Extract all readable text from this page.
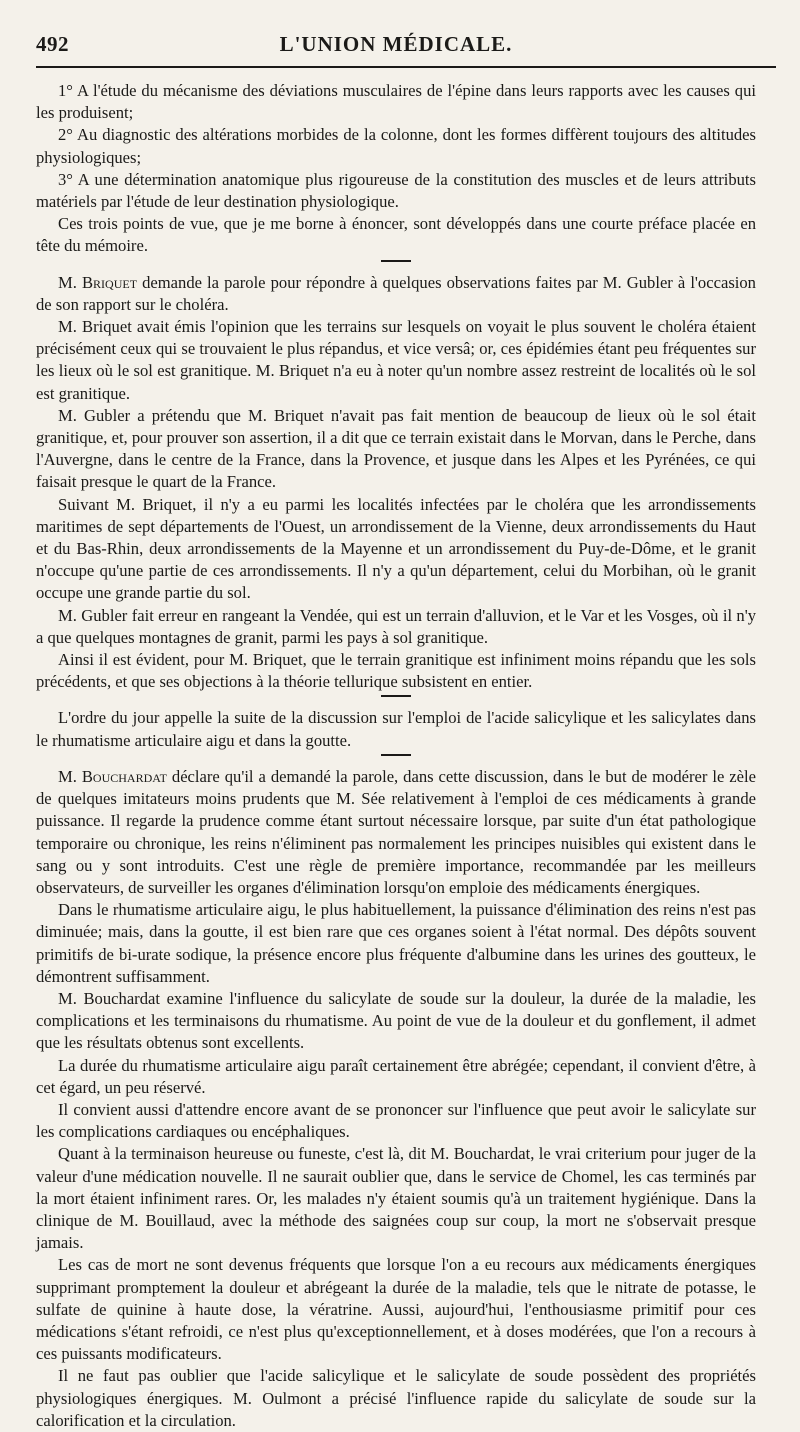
492	L'UNION MÉDICALE.

1° A l'étude du mécanisme des déviations musculaires de l'épine dans leurs rapports avec les causes qui les produisent;

2° Au diagnostic des altérations morbides de la colonne, dont les formes diffèrent toujours des altitudes physiologiques;

3° A une détermination anatomique plus rigoureuse de la constitution des muscles et de leurs attributs matériels par l'étude de leur destination physiologique.

Ces trois points de vue, que je me borne à énoncer, sont développés dans une courte préface placée en tête du mémoire.

M. Briquet demande la parole pour répondre à quelques observations faites par M. Gubler à l'occasion de son rapport sur le choléra.

M. Briquet avait émis l'opinion que les terrains sur lesquels on voyait le plus souvent le choléra étaient précisément ceux qui se trouvaient le plus répandus, et vice versâ; or, ces épidémies étant peu fréquentes sur les lieux où le sol est granitique. M. Briquet n'a eu à noter qu'un nombre assez restreint de localités où le sol est granitique.

M. Gubler a prétendu que M. Briquet n'avait pas fait mention de beaucoup de lieux où le sol était granitique, et, pour prouver son assertion, il a dit que ce terrain existait dans le Morvan, dans le Perche, dans l'Auvergne, dans le centre de la France, dans la Provence, et jusque dans les Alpes et les Pyrénées, ce qui faisait presque le quart de la France.

Suivant M. Briquet, il n'y a eu parmi les localités infectées par le choléra que les arrondissements maritimes de sept départements de l'Ouest, un arrondissement de la Vienne, deux arrondissements du Haut et du Bas-Rhin, deux arrondissements de la Mayenne et un arrondissement du Puy-de-Dôme, et le granit n'occupe qu'une partie de ces arrondissements. Il n'y a qu'un département, celui du Morbihan, où le granit occupe une grande partie du sol.

M. Gubler fait erreur en rangeant la Vendée, qui est un terrain d'alluvion, et le Var et les Vosges, où il n'y a que quelques montagnes de granit, parmi les pays à sol granitique.

Ainsi il est évident, pour M. Briquet, que le terrain granitique est infiniment moins répandu que les sols précédents, et que ses objections à la théorie tellurique subsistent en entier.

L'ordre du jour appelle la suite de la discussion sur l'emploi de l'acide salicylique et les salicylates dans le rhumatisme articulaire aigu et dans la goutte.

M. Bouchardat déclare qu'il a demandé la parole, dans cette discussion, dans le but de modérer le zèle de quelques imitateurs moins prudents que M. Sée relativement à l'emploi de ces médicaments à grande puissance. Il regarde la prudence comme étant surtout nécessaire lorsque, par suite d'un état pathologique temporaire ou chronique, les reins n'éliminent pas normalement les principes nuisibles qui existent dans le sang ou y sont introduits. C'est une règle de première importance, recommandée par les meilleurs observateurs, de surveiller les organes d'élimination lorsqu'on emploie des médicaments énergiques.

Dans le rhumatisme articulaire aigu, le plus habituellement, la puissance d'élimination des reins n'est pas diminuée; mais, dans la goutte, il est bien rare que ces organes soient à l'état normal. Des dépôts souvent primitifs de bi-urate sodique, la présence encore plus fréquente d'albumine dans les urines des goutteux, le démontrent suffisamment.

M. Bouchardat examine l'influence du salicylate de soude sur la douleur, la durée de la maladie, les complications et les terminaisons du rhumatisme. Au point de vue de la douleur et du gonflement, il admet que les résultats obtenus sont excellents.

La durée du rhumatisme articulaire aigu paraît certainement être abrégée; cependant, il convient d'être, à cet égard, un peu réservé.

Il convient aussi d'attendre encore avant de se prononcer sur l'influence que peut avoir le salicylate sur les complications cardiaques ou encéphaliques.

Quant à la terminaison heureuse ou funeste, c'est là, dit M. Bouchardat, le vrai criterium pour juger de la valeur d'une médication nouvelle. Il ne saurait oublier que, dans le service de Chomel, les cas terminés par la mort étaient infiniment rares. Or, les malades n'y étaient soumis qu'à un traitement hygiénique. Dans la clinique de M. Bouillaud, avec la méthode des saignées coup sur coup, la mort ne s'observait presque jamais.

Les cas de mort ne sont devenus fréquents que lorsque l'on a eu recours aux médicaments énergiques supprimant promptement la douleur et abrégeant la durée de la maladie, tels que le nitrate de potasse, le sulfate de quinine à haute dose, la vératrine. Aussi, aujourd'hui, l'enthousiasme primitif pour ces médications s'étant refroidi, ce n'est plus qu'exceptionnellement, et à doses modérées, que l'on a recours à ces puissants modificateurs.

Il ne faut pas oublier que l'acide salicylique et le salicylate de soude possèdent des propriétés physiologiques énergiques. M. Oulmont a précisé l'influence rapide du salicylate de soude sur la calorification et la circulation.
